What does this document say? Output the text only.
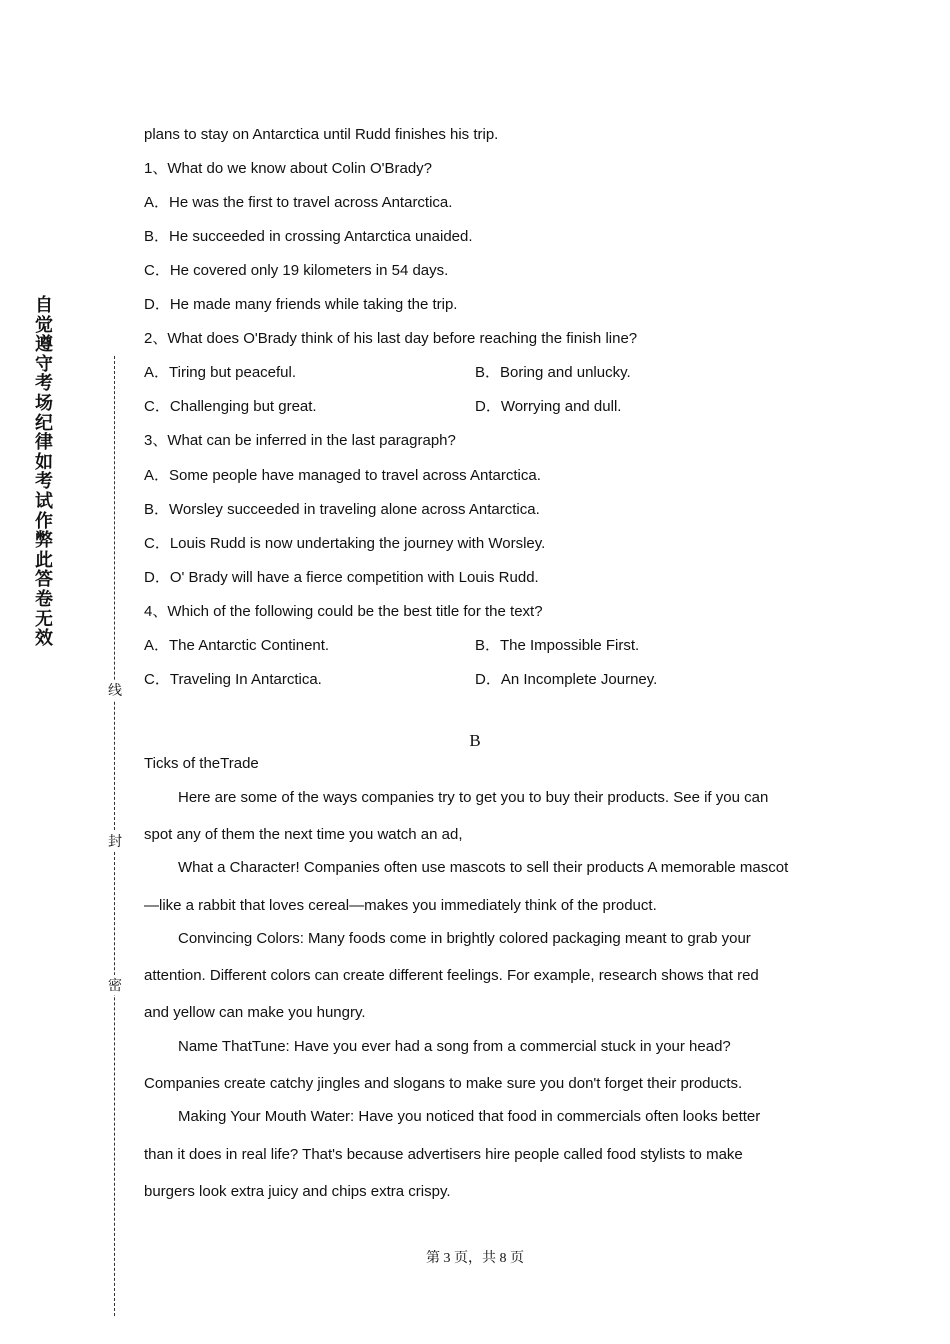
自觉遵守考场纪律如考试作弊此答卷无效
线
封
密
plans to stay on Antarctica until Rudd finishes his trip.
1、What do we know about Colin O'Brady?
A．He was the first to travel across Antarctica.
B．He succeeded in crossing Antarctica unaided.
C．He covered only 19 kilometers in 54 days.
D．He made many friends while taking the trip.
2、What does O'Brady think of his last day before reaching the finish line?
A．Tiring but peaceful.	B．Boring and unlucky.
C．Challenging but great.	D．Worrying and dull.
3、What can be inferred in the last paragraph?
A．Some people have managed to travel across Antarctica.
B．Worsley succeeded in traveling alone across Antarctica.
C．Louis Rudd is now undertaking the journey with Worsley.
D．O' Brady will have a fierce competition with Louis Rudd.
4、Which of the following could be the best title for the text?
A．The Antarctic Continent.	B．The Impossible First.
C．Traveling In Antarctica.	D．An Incomplete Journey.
B
Ticks of theTrade
Here are some of the ways companies try to get you to buy their products. See if you can
spot any of them the next time you watch an ad,
What a Character! Companies often use mascots to sell their products A memorable mascot
—like a rabbit that loves cereal—makes you immediately think of the product.
Convincing Colors: Many foods come in brightly colored packaging meant to grab your
attention. Different colors can create different feelings. For example, research shows that red
and yellow can make you hungry.
Name ThatTune: Have you ever had a song from a commercial stuck in your head?
Companies create catchy jingles and slogans to make sure you don't forget their products.
Making Your Mouth Water: Have you noticed that food in commercials often looks better
than it does in real life? That's because advertisers hire people called food stylists to make
burgers look extra juicy and chips extra crispy.
第 3 页，共 8 页
